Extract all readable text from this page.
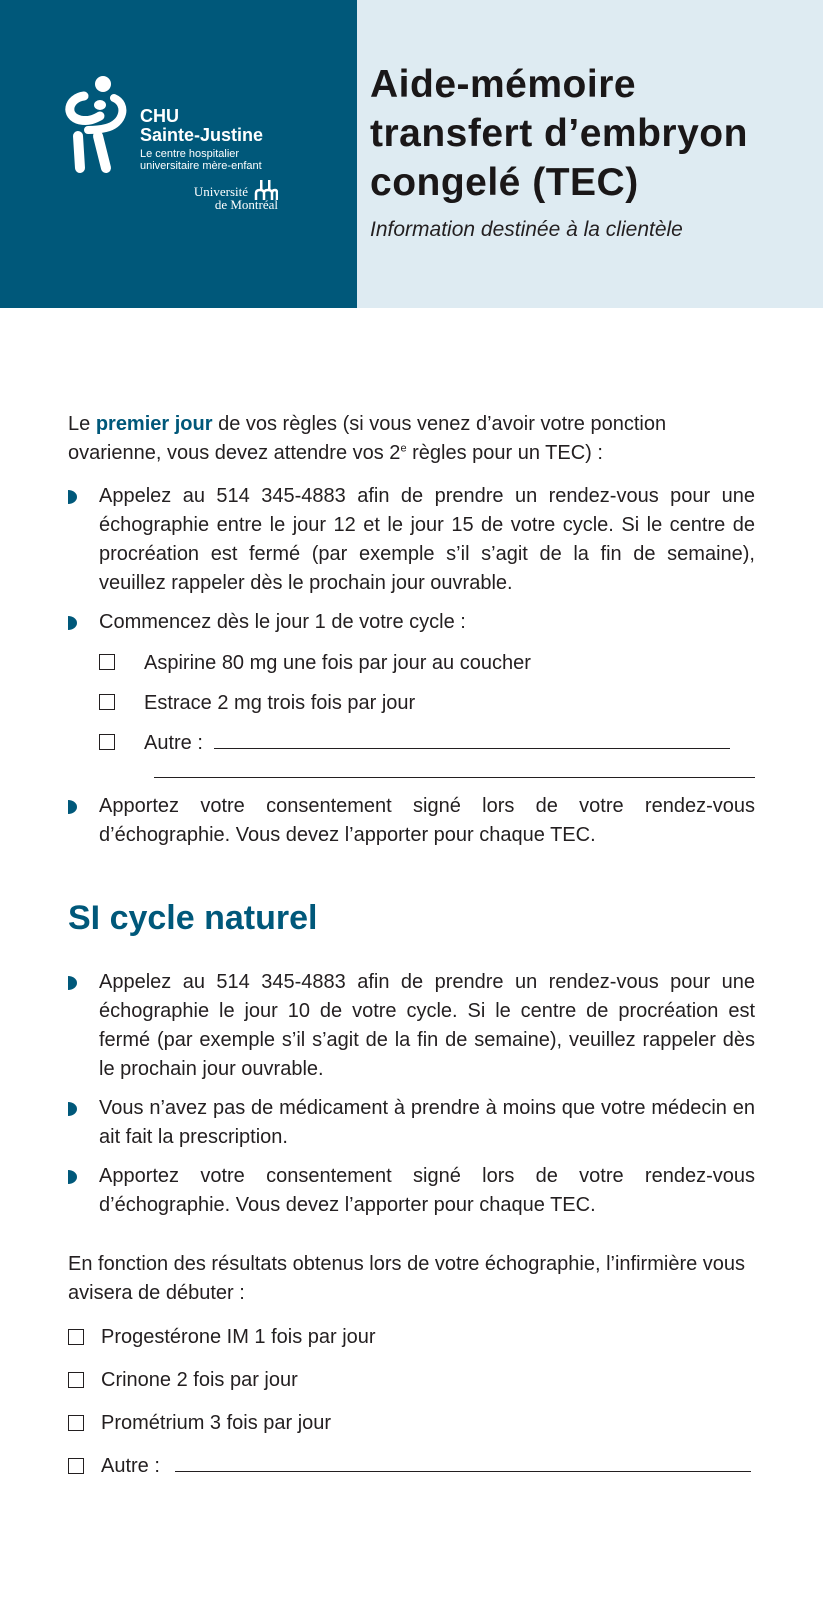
CHU
Sainte-Justine
Le centre hospitalier
universitaire mère-enfant
Université
de Montréal
Aide-mémoire
transfert d’embryon
congelé (TEC)
Information destinée à la clientèle

Le premier jour de vos règles (si vous venez d’avoir votre ponction ovarienne, vous devez attendre vos 2e règles pour un TEC) :

Appelez au 514 345-4883 afin de prendre un rendez-vous pour une échographie entre le jour 12 et le jour 15 de votre cycle. Si le centre de procréation est fermé (par exemple s’il s’agit de la fin de semaine), veuillez rappeler dès le prochain jour ouvrable.
Commencez dès le jour 1 de votre cycle :
Aspirine 80 mg une fois par jour au coucher
Estrace 2 mg trois fois par jour
Autre :
Apportez votre consentement signé lors de votre rendez-vous d’échographie. Vous devez l’apporter pour chaque TEC.
SI cycle naturel
Appelez au 514 345-4883 afin de prendre un rendez-vous pour une échographie le jour 10 de votre cycle. Si le centre de procréation est fermé (par exemple s’il s’agit de la fin de semaine), veuillez rappeler dès le prochain jour ouvrable.
Vous n’avez pas de médicament à prendre à moins que votre médecin en ait fait la prescription.
Apportez votre consentement signé lors de votre rendez-vous d’échographie. Vous devez l’apporter pour chaque TEC.

En fonction des résultats obtenus lors de votre échographie, l’infirmière vous avisera de débuter :

Progestérone IM 1 fois par jour
Crinone 2 fois par jour
Prométrium 3 fois par jour
Autre :
